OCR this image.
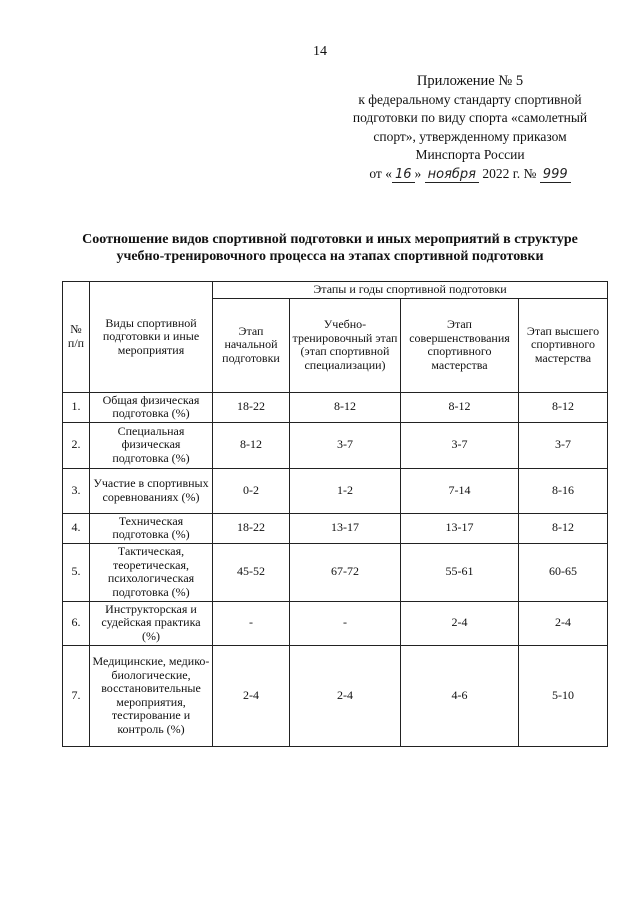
14
Приложение № 5
к федеральному стандарту спортивной
подготовки по виду спорта «самолетный
спорт», утвержденному приказом
Минспорта России
от « 16 » ноября 2022 г. № 999
Соотношение видов спортивной подготовки и иных мероприятий в структуре
учебно-тренировочного процесса на этапах спортивной подготовки
№ п/п	Виды спортивной подготовки и иные мероприятия	Этапы и годы спортивной подготовки			
		Этап начальной подготовки	Учебно-тренировочный этап (этап спортивной специализации)	Этап совершенствования спортивного мастерства	Этап высшего спортивного мастерства
1.	Общая физическая подготовка (%)	18-22	8-12	8-12	8-12
2.	Специальная физическая подготовка (%)	8-12	3-7	3-7	3-7
3.	Участие в спортивных соревнованиях (%)	0-2	1-2	7-14	8-16
4.	Техническая подготовка (%)	18-22	13-17	13-17	8-12
5.	Тактическая, теоретическая, психологическая подготовка (%)	45-52	67-72	55-61	60-65
6.	Инструкторская и судейская практика (%)	-	-	2-4	2-4
7.	Медицинские, медико-биологические, восстановительные мероприятия, тестирование и контроль (%)	2-4	2-4	4-6	5-10
